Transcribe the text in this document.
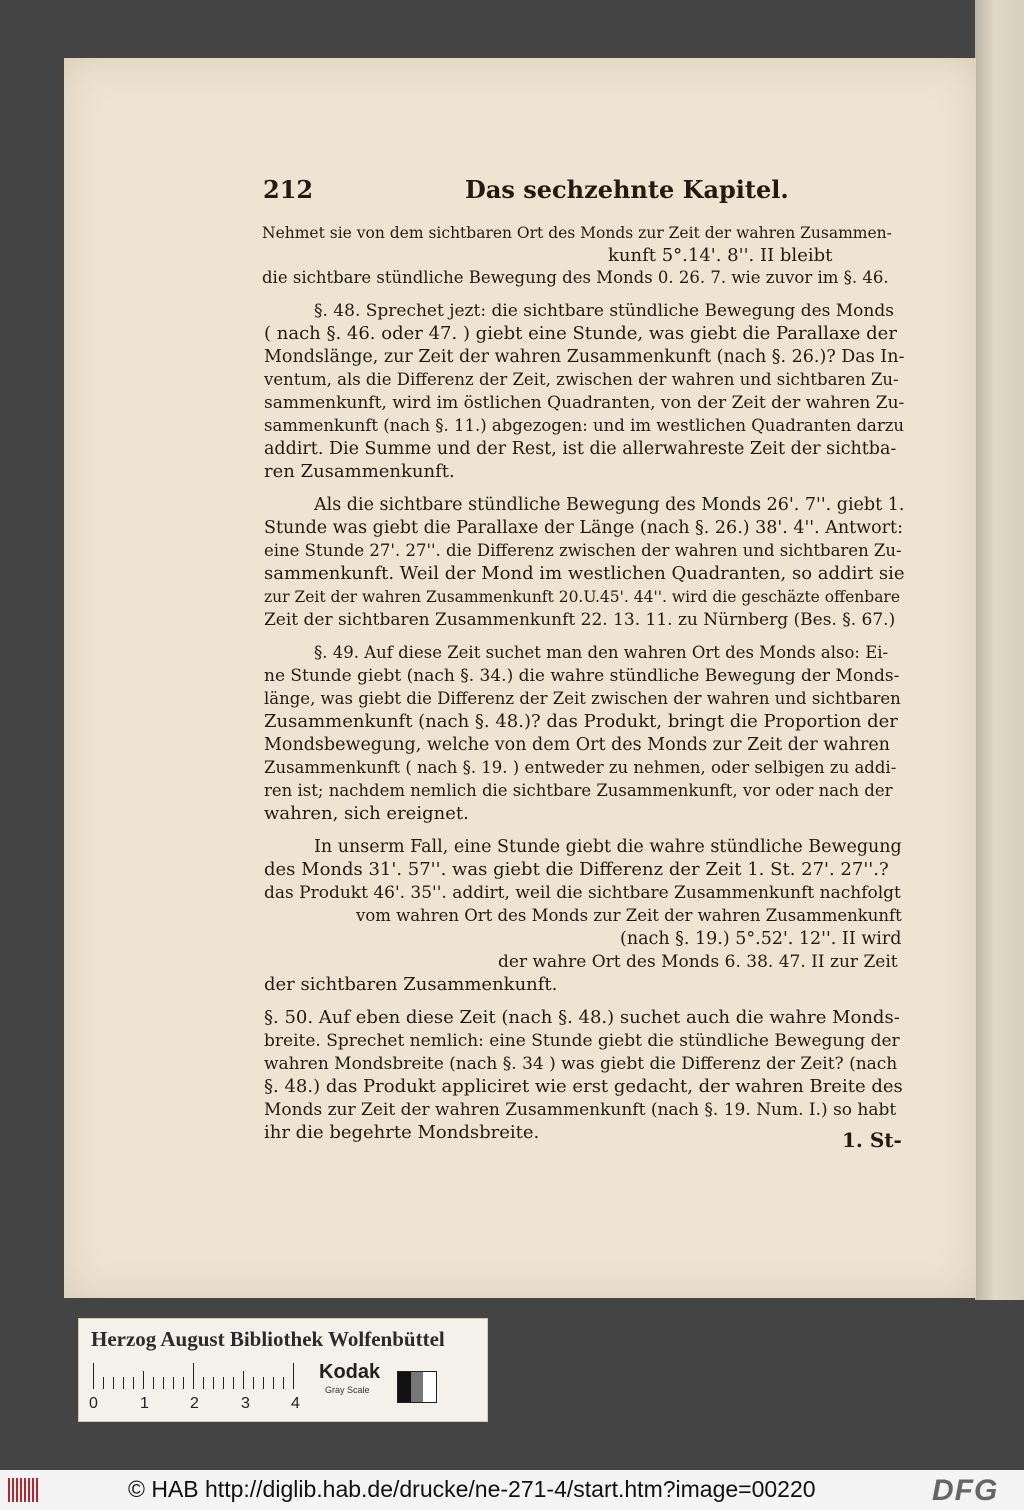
212	Das sechzehnte Kapitel.
Nehmet sie von dem sichtbaren Ort des Monds zur Zeit der wahren Zusammen-
kunft 5°.14'. 8''. II bleibt
die sichtbare stündliche Bewegung des Monds 0. 26. 7. wie zuvor im §. 46.
§. 48. Sprechet jezt: die sichtbare stündliche Bewegung des Monds
( nach §. 46. oder 47. ) giebt eine Stunde, was giebt die Parallaxe der
Mondslänge, zur Zeit der wahren Zusammenkunft (nach §. 26.)? Das In-
ventum, als die Differenz der Zeit, zwischen der wahren und sichtbaren Zu-
sammenkunft, wird im östlichen Quadranten, von der Zeit der wahren Zu-
sammenkunft (nach §. 11.) abgezogen: und im westlichen Quadranten darzu
addirt. Die Summe und der Rest, ist die allerwahreste Zeit der sichtba-
ren Zusammenkunft.
Als die sichtbare stündliche Bewegung des Monds 26'. 7''. giebt 1.
Stunde was giebt die Parallaxe der Länge (nach §. 26.) 38'. 4''. Antwort:
eine Stunde 27'. 27''. die Differenz zwischen der wahren und sichtbaren Zu-
sammenkunft. Weil der Mond im westlichen Quadranten, so addirt sie
zur Zeit der wahren Zusammenkunft 20.U.45'. 44''. wird die geschäzte offenbare
Zeit der sichtbaren Zusammenkunft 22. 13. 11. zu Nürnberg (Bes. §. 67.)
§. 49. Auf diese Zeit suchet man den wahren Ort des Monds also: Ei-
ne Stunde giebt (nach §. 34.) die wahre stündliche Bewegung der Monds-
länge, was giebt die Differenz der Zeit zwischen der wahren und sichtbaren
Zusammenkunft (nach §. 48.)? das Produkt, bringt die Proportion der
Mondsbewegung, welche von dem Ort des Monds zur Zeit der wahren
Zusammenkunft ( nach §. 19. ) entweder zu nehmen, oder selbigen zu addi-
ren ist; nachdem nemlich die sichtbare Zusammenkunft, vor oder nach der
wahren, sich ereignet.
In unserm Fall, eine Stunde giebt die wahre stündliche Bewegung
des Monds 31'. 57''. was giebt die Differenz der Zeit 1. St. 27'. 27''.?
das Produkt 46'. 35''. addirt, weil die sichtbare Zusammenkunft nachfolgt
vom wahren Ort des Monds zur Zeit der wahren Zusammenkunft
(nach §. 19.) 5°.52'. 12''. II wird
der wahre Ort des Monds 6. 38. 47. II zur Zeit
der sichtbaren Zusammenkunft.
§. 50. Auf eben diese Zeit (nach §. 48.) suchet auch die wahre Monds-
breite. Sprechet nemlich: eine Stunde giebt die stündliche Bewegung der
wahren Mondsbreite (nach §. 34 ) was giebt die Differenz der Zeit? (nach
§. 48.) das Produkt appliciret wie erst gedacht, der wahren Breite des
Monds zur Zeit der wahren Zusammenkunft (nach §. 19. Num. I.) so habt
ihr die begehrte Mondsbreite.	1. St-
Herzog August Bibliothek Wolfenbüttel
0	1	2	3	4
Kodak
Gray Scale
© HAB http://diglib.hab.de/drucke/ne-271-4/start.htm?image=00220	DFG
